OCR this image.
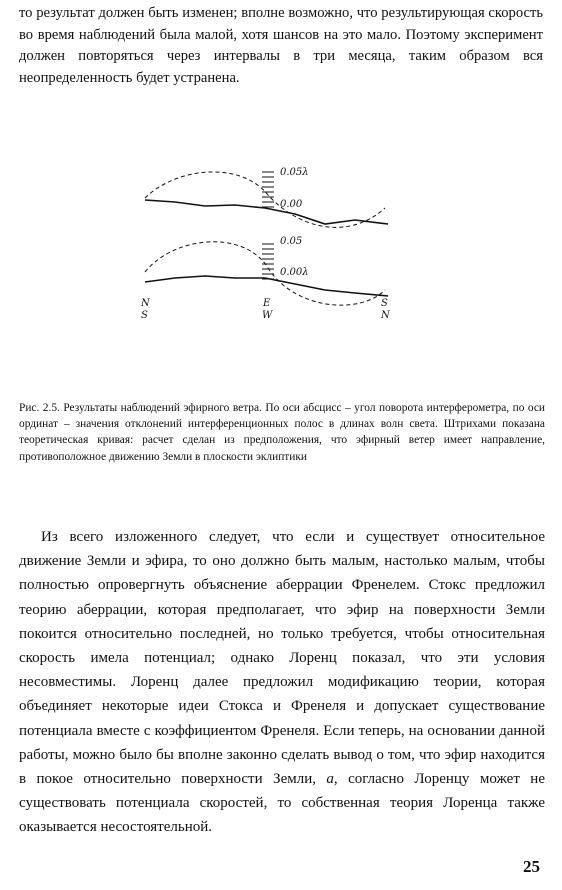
то результат должен быть изменен; вполне возможно, что результирующая скорость во время наблюдений была малой, хотя шансов на это мало. Поэтому эксперимент должен повторяться через интервалы в три месяца, таким образом вся неопределенность будет устранена.

0.05λ
0.00
0.05
0.00λ
N
S
E
W
S
N

Рис. 2.5. Результаты наблюдений эфирного ветра. По оси абсцисс – угол поворота интерферометра, по оси ординат – значения отклонений интерференционных полос в длинах волн света. Штрихами показана теоретическая кривая: расчет сделан из предположения, что эфирный ветер имеет направление, противоположное движению Земли в плоскости эклиптики

Из всего изложенного следует, что если и существует относительное движение Земли и эфира, то оно должно быть малым, настолько малым, чтобы полностью опровергнуть объяснение аберрации Френелем. Стокс предложил теорию аберрации, которая предполагает, что эфир на поверхности Земли покоится относительно последней, но только требуется, чтобы относительная скорость имела потенциал; однако Лоренц показал, что эти условия несовместимы. Лоренц далее предложил модификацию теории, которая объединяет некоторые идеи Стокса и Френеля и допускает существование потенциала вместе с коэффициентом Френеля. Если теперь, на основании данной работы, можно было бы вполне законно сделать вывод о том, что эфир находится в покое относительно поверхности Земли, а, согласно Лоренцу может не существовать потенциала скоростей, то собственная теория Лоренца также оказывается несостоятельной.

25
